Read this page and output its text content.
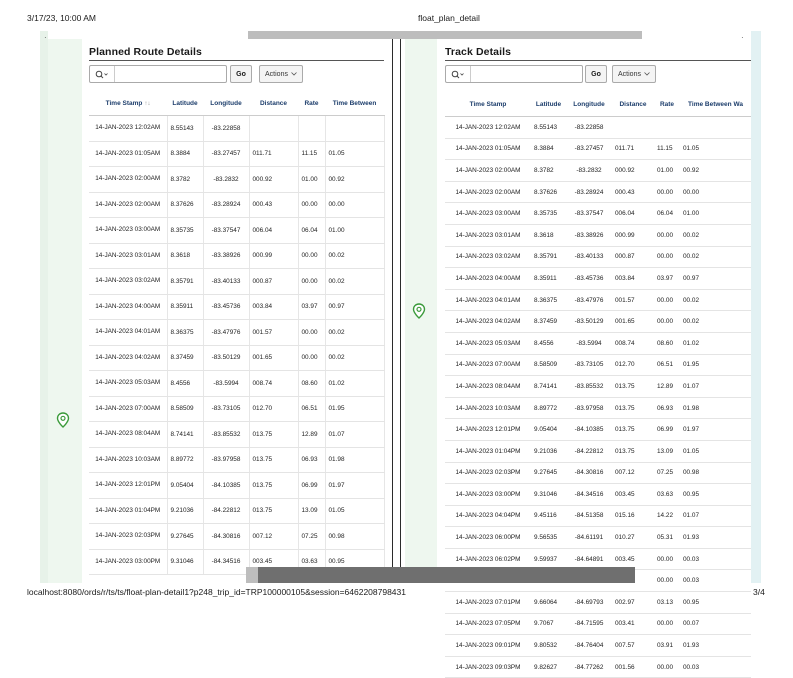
3/17/23, 10:00 AM	float_plan_detail
·	·
Planned Route Details
Go	Actions
Time Stamp ↑↓	Latitude	Longitude	Distance	Rate	Time Between
14-JAN-2023 12:02AM	8.55143	-83.22858			
14-JAN-2023 01:05AM	8.3884	-83.27457	011.71	11.15	01.05
14-JAN-2023 02:00AM	8.3782	-83.2832	000.92	01.00	00.92
14-JAN-2023 02:00AM	8.37626	-83.28924	000.43	00.00	00.00
14-JAN-2023 03:00AM	8.35735	-83.37547	006.04	06.04	01.00
14-JAN-2023 03:01AM	8.3618	-83.38926	000.99	00.00	00.02
14-JAN-2023 03:02AM	8.35791	-83.40133	000.87	00.00	00.02
14-JAN-2023 04:00AM	8.35911	-83.45736	003.84	03.97	00.97
14-JAN-2023 04:01AM	8.36375	-83.47976	001.57	00.00	00.02
14-JAN-2023 04:02AM	8.37459	-83.50129	001.65	00.00	00.02
14-JAN-2023 05:03AM	8.4556	-83.5994	008.74	08.60	01.02
14-JAN-2023 07:00AM	8.58509	-83.73105	012.70	06.51	01.95
14-JAN-2023 08:04AM	8.74141	-83.85532	013.75	12.89	01.07
14-JAN-2023 10:03AM	8.89772	-83.97958	013.75	06.93	01.98
14-JAN-2023 12:01PM	9.05404	-84.10385	013.75	06.99	01.97
14-JAN-2023 01:04PM	9.21036	-84.22812	013.75	13.09	01.05
14-JAN-2023 02:03PM	9.27645	-84.30816	007.12	07.25	00.98
14-JAN-2023 03:00PM	9.31046	-84.34516	003.45	03.63	00.95
Track Details
Go	Actions
Time Stamp	Latitude	Longitude	Distance	Rate	Time Between Wa
14-JAN-2023 12:02AM	8.55143	-83.22858			
14-JAN-2023 01:05AM	8.3884	-83.27457	011.71	11.15	01.05
14-JAN-2023 02:00AM	8.3782	-83.2832	000.92	01.00	00.92
14-JAN-2023 02:00AM	8.37626	-83.28924	000.43	00.00	00.00
14-JAN-2023 03:00AM	8.35735	-83.37547	006.04	06.04	01.00
14-JAN-2023 03:01AM	8.3618	-83.38926	000.99	00.00	00.02
14-JAN-2023 03:02AM	8.35791	-83.40133	000.87	00.00	00.02
14-JAN-2023 04:00AM	8.35911	-83.45736	003.84	03.97	00.97
14-JAN-2023 04:01AM	8.36375	-83.47976	001.57	00.00	00.02
14-JAN-2023 04:02AM	8.37459	-83.50129	001.65	00.00	00.02
14-JAN-2023 05:03AM	8.4556	-83.5994	008.74	08.60	01.02
14-JAN-2023 07:00AM	8.58509	-83.73105	012.70	06.51	01.95
14-JAN-2023 08:04AM	8.74141	-83.85532	013.75	12.89	01.07
14-JAN-2023 10:03AM	8.89772	-83.97958	013.75	06.93	01.98
14-JAN-2023 12:01PM	9.05404	-84.10385	013.75	06.99	01.97
14-JAN-2023 01:04PM	9.21036	-84.22812	013.75	13.09	01.05
14-JAN-2023 02:03PM	9.27645	-84.30816	007.12	07.25	00.98
14-JAN-2023 03:00PM	9.31046	-84.34516	003.45	03.63	00.95
14-JAN-2023 04:04PM	9.45116	-84.51358	015.16	14.22	01.07
14-JAN-2023 06:00PM	9.56535	-84.61191	010.27	05.31	01.93
14-JAN-2023 06:02PM	9.59937	-84.64891	003.45	00.00	00.03
				00.00	00.03
14-JAN-2023 07:01PM	9.66064	-84.69793	002.97	03.13	00.95
14-JAN-2023 07:05PM	9.7067	-84.71595	003.41	00.00	00.07
14-JAN-2023 09:01PM	9.80532	-84.76404	007.57	03.91	01.93
14-JAN-2023 09:03PM	9.82627	-84.77262	001.56	00.00	00.03
localhost:8080/ords/r/ts/ts/float-plan-detail1?p248_trip_id=TRP100000105&session=6462208798431	3/4
